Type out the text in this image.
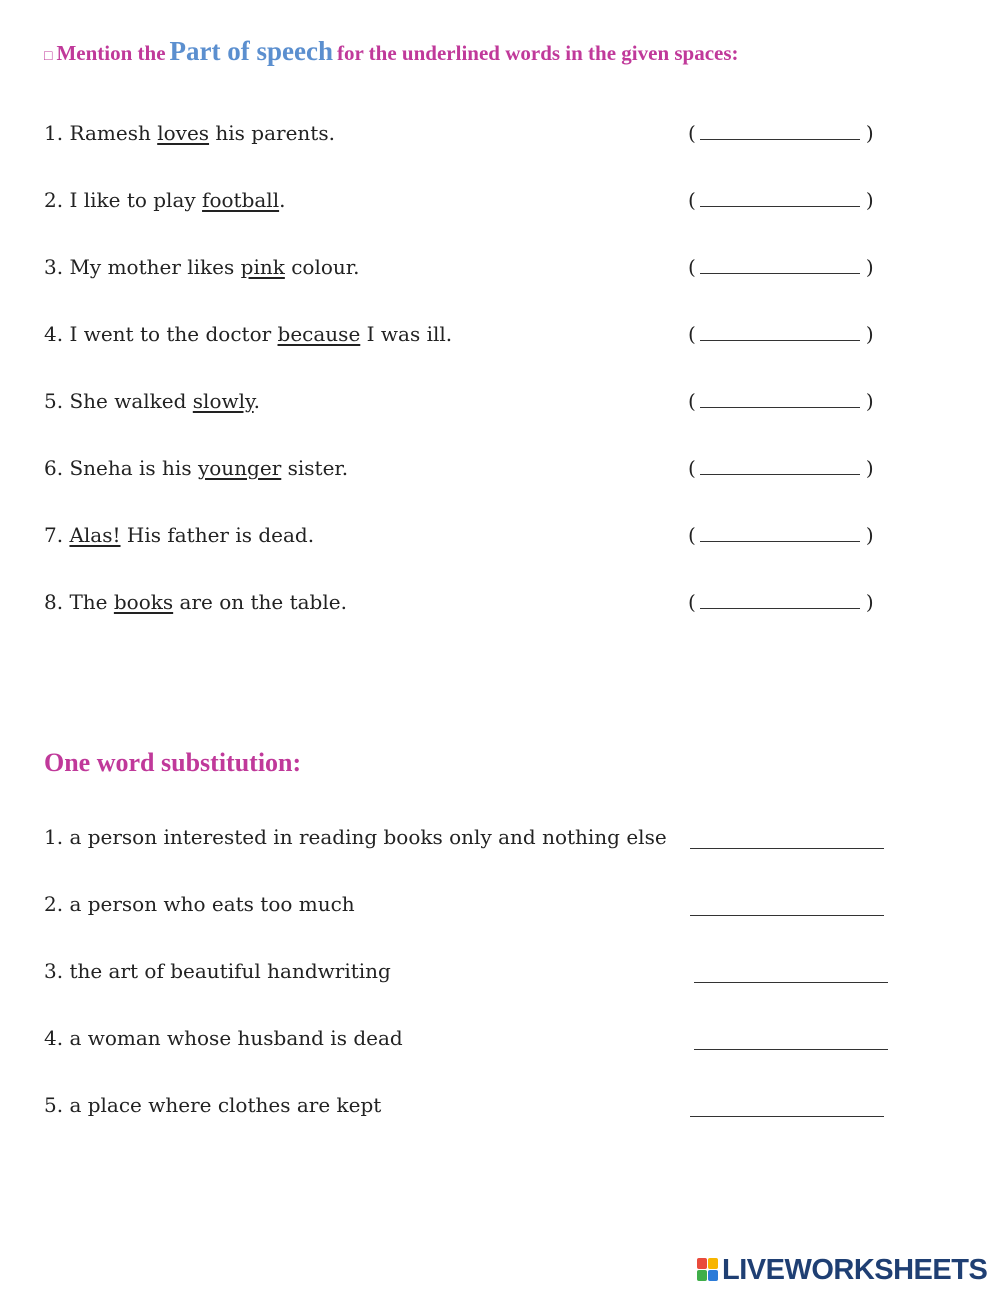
□ Mention the Part of speech for the underlined words in the given spaces:
1. Ramesh loves his parents.	(	)
2. I like to play football.	(	)
3. My mother likes pink colour.	(	)
4. I went to the doctor because I was ill.	(	)
5. She walked slowly.	(	)
6. Sneha is his younger sister.	(	)
7. Alas! His father is dead.	(	)
8. The books are on the table.	(	)
One word substitution:
1. a person interested in reading books only and nothing else
2. a person who eats too much
3. the art of beautiful handwriting
4. a woman whose husband is dead
5. a place where clothes are kept
LIVEWORKSHEETS
